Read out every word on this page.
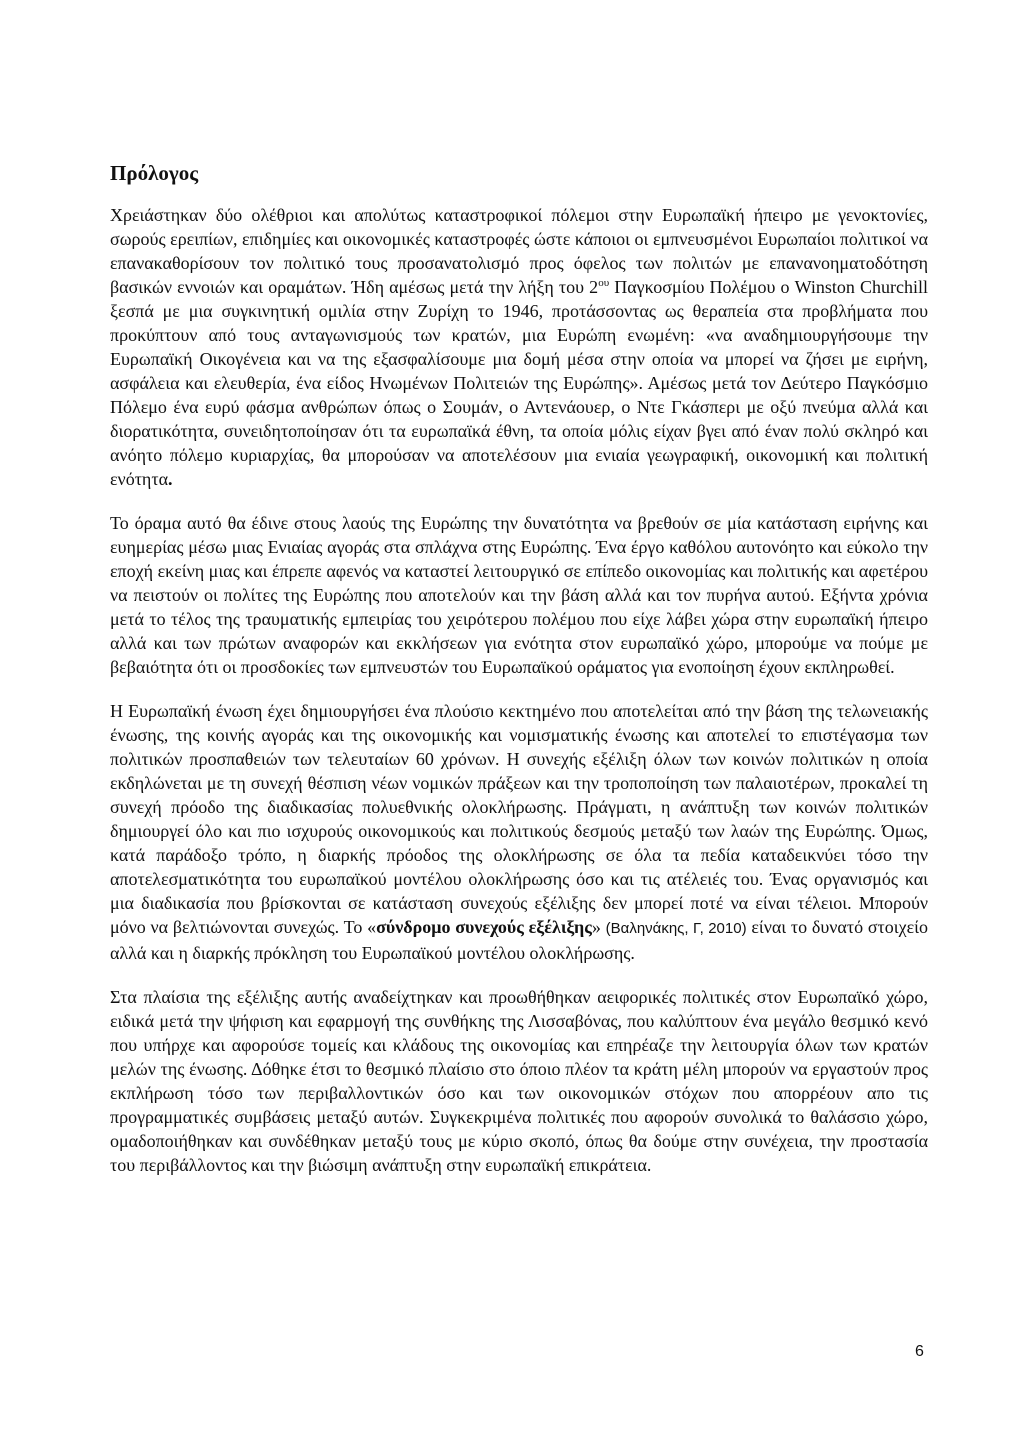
Πρόλογος

Χρειάστηκαν δύο ολέθριοι και απολύτως καταστροφικοί πόλεμοι στην Ευρωπαϊκή ήπειρο με γενοκτονίες, σωρούς ερειπίων, επιδημίες και οικονομικές καταστροφές ώστε κάποιοι οι εμπνευσμένοι Ευρωπαίοι πολιτικοί να επανακαθορίσουν τον πολιτικό τους προσανατολισμό προς όφελος των πολιτών με επανανοηματοδότηση βασικών εννοιών και οραμάτων. Ήδη αμέσως μετά την λήξη του $2^{o\upsilon}$ Παγκοσμίου Πολέμου ο Winston Churchill ξεσπά με μια συγκινητική ομιλία στην Ζυρίχη το 1946, προτάσσοντας ως θεραπεία στα προβλήματα που προκύπτουν από τους ανταγωνισμούς των κρατών, μια Ευρώπη ενωμένη: «να αναδημιουργήσουμε την Ευρωπαϊκή Οικογένεια και να της εξασφαλίσουμε μια δομή μέσα στην οποία να μπορεί να ζήσει με ειρήνη, ασφάλεια και ελευθερία, ένα είδος Ηνωμένων Πολιτειών της Ευρώπης». Αμέσως μετά τον Δεύτερο Παγκόσμιο Πόλεμο ένα ευρύ φάσμα ανθρώπων όπως ο Σουμάν, ο Αντενάουερ, ο Ντε Γκάσπερι με οξύ πνεύμα αλλά και διορατικότητα, συνειδητοποίησαν ότι τα ευρωπαϊκά έθνη, τα οποία μόλις είχαν βγει από έναν πολύ σκληρό και ανόητο πόλεμο κυριαρχίας, θα μπορούσαν να αποτελέσουν μια ενιαία γεωγραφική, οικονομική και πολιτική ενότητα.

Το όραμα αυτό θα έδινε στους λαούς της Ευρώπης την δυνατότητα να βρεθούν σε μία κατάσταση ειρήνης και ευημερίας μέσω μιας Ενιαίας αγοράς στα σπλάχνα στης Ευρώπης. Ένα έργο καθόλου αυτονόητο και εύκολο την εποχή εκείνη μιας και έπρεπε αφενός να καταστεί λειτουργικό σε επίπεδο οικονομίας και πολιτικής και αφετέρου να πειστούν οι πολίτες της Ευρώπης που αποτελούν και την βάση αλλά και τον πυρήνα αυτού. Εξήντα χρόνια μετά το τέλος της τραυματικής εμπειρίας του χειρότερου πολέμου που είχε λάβει χώρα στην ευρωπαϊκή ήπειρο αλλά και των πρώτων αναφορών και εκκλήσεων για ενότητα στον ευρωπαϊκό χώρο, μπορούμε να πούμε με βεβαιότητα ότι οι προσδοκίες των εμπνευστών του Ευρωπαϊκού οράματος για ενοποίηση έχουν εκπληρωθεί.

Η Ευρωπαϊκή ένωση έχει δημιουργήσει ένα πλούσιο κεκτημένο που αποτελείται από την βάση της τελωνειακής ένωσης, της κοινής αγοράς και της οικονομικής και νομισματικής ένωσης και αποτελεί το επιστέγασμα των πολιτικών προσπαθειών των τελευταίων 60 χρόνων. Η συνεχής εξέλιξη όλων των κοινών πολιτικών η οποία εκδηλώνεται με τη συνεχή θέσπιση νέων νομικών πράξεων και την τροποποίηση των παλαιοτέρων, προκαλεί τη συνεχή πρόοδο της διαδικασίας πολυεθνικής ολοκλήρωσης. Πράγματι, η ανάπτυξη των κοινών πολιτικών δημιουργεί όλο και πιο ισχυρούς οικονομικούς και πολιτικούς δεσμούς μεταξύ των λαών της Ευρώπης. Όμως, κατά παράδοξο τρόπο, η διαρκής πρόοδος της ολοκλήρωσης σε όλα τα πεδία καταδεικνύει τόσο την αποτελεσματικότητα του ευρωπαϊκού μοντέλου ολοκλήρωσης όσο και τις ατέλειές του. Ένας οργανισμός και μια διαδικασία που βρίσκονται σε κατάσταση συνεχούς εξέλιξης δεν μπορεί ποτέ να είναι τέλειοι. Μπορούν μόνο να βελτιώνονται συνεχώς. Το «σύνδρομο συνεχούς εξέλιξης» (Βαληνάκης, Γ, 2010) είναι το δυνατό στοιχείο αλλά και η διαρκής πρόκληση του Ευρωπαϊκού μοντέλου ολοκλήρωσης.

Στα πλαίσια της εξέλιξης αυτής αναδείχτηκαν και προωθήθηκαν αειφορικές πολιτικές στον Ευρωπαϊκό χώρο, ειδικά μετά την ψήφιση και εφαρμογή της συνθήκης της Λισσαβόνας, που καλύπτουν ένα μεγάλο θεσμικό κενό που υπήρχε και αφορούσε τομείς και κλάδους της οικονομίας και επηρέαζε την λειτουργία όλων των κρατών μελών της ένωσης. Δόθηκε έτσι το θεσμικό πλαίσιο στο όποιο πλέον τα κράτη μέλη μπορούν να εργαστούν προς εκπλήρωση τόσο των περιβαλλοντικών όσο και των οικονομικών στόχων που απορρέουν απο τις προγραμματικές συμβάσεις μεταξύ αυτών. Συγκεκριμένα πολιτικές που αφορούν συνολικά το θαλάσσιο χώρο, ομαδοποιήθηκαν και συνδέθηκαν μεταξύ τους με κύριο σκοπό, όπως θα δούμε στην συνέχεια, την προστασία του περιβάλλοντος και την βιώσιμη ανάπτυξη στην ευρωπαϊκή επικράτεια.

6
